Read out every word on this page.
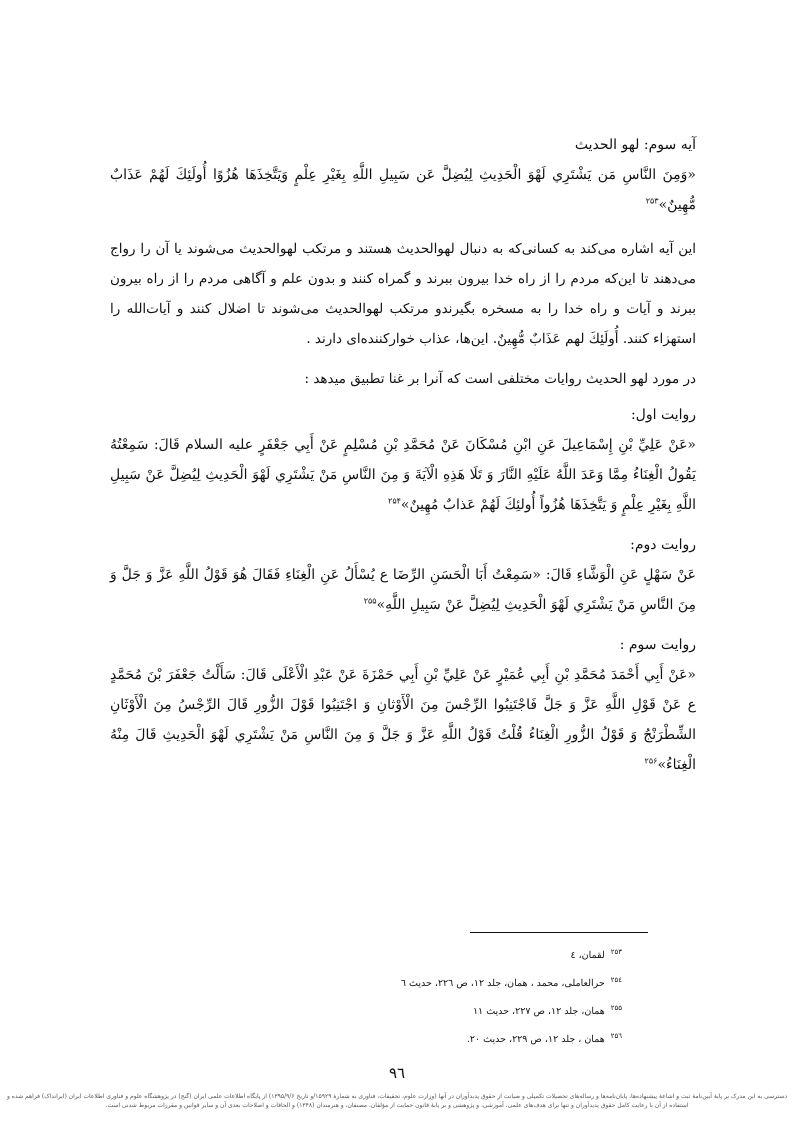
آیه سوم: لهو الحدیث

«وَمِنَ النَّاسِ مَن يَشْتَرِي لَهْوَ الْحَدِيثِ لِيُضِلَّ عَن سَبِيلِ اللَّهِ بِغَيْرِ عِلْمٍ وَيَتَّخِذَهَا هُزُوًا أُولَئِكَ لَهُمْ عَذَابٌ مُّهِينٌ»$^{۲۵۳}$

این آیه اشاره می‌کند به کسانی‌که به دنبال لهوالحدیث هستند و مرتکب لهوالحدیث می‌شوند یا آن را رواج می‌دهند تا این‌که مردم را از راه خدا بیرون ببرند و گمراه کنند و بدون علم و آگاهی مردم را از راه بیرون ببرند و آیات و راه خدا را به مسخره بگیرندو مرتکب لهوالحدیث می‌شوند تا اضلال کنند و آیات‌الله را استهزاء کنند. أُولَئِكَ لهم عَذَابٌ مُّهِينٌ. این‌ها، عذاب خوارکننده‌ای دارند .

در مورد لهو الحدیث روایات مختلفی است که آنرا بر غنا تطبیق میدهد :

روایت اول:

«عَنْ عَلِيِّ بْنِ إِسْمَاعِيلَ عَنِ ابْنِ مُسْكَانَ عَنْ مُحَمَّدِ بْنِ مُسْلِمٍ عَنْ أَبِي جَعْفَرٍ عليه السلام قَالَ: سَمِعْتُهُ يَقُولُ الْغِنَاءُ مِمَّا وَعَدَ اللَّهُ عَلَيْهِ النَّارَ وَ تَلَا هَذِهِ الْآيَةَ وَ مِنَ النَّاسِ مَنْ يَشْتَرِي لَهْوَ الْحَدِيثِ لِيُضِلَّ عَنْ سَبِيلِ اللَّهِ بِغَيْرِ عِلْمٍ وَ يَتَّخِذَهَا هُزُواً أُولئِكَ لَهُمْ عَذابٌ مُهِينٌ»$^{۲۵۴}$

روایت دوم:

عَنْ سَهْلٍ عَنِ الْوَشَّاءِ قَالَ: «سَمِعْتُ أَبَا الْحَسَنِ الرِّضَا ع يُسْأَلُ عَنِ الْغِنَاءِ فَقَالَ هُوَ قَوْلُ اللَّهِ عَزَّ وَ جَلَّ وَ مِنَ النَّاسِ مَنْ يَشْتَرِي لَهْوَ الْحَدِيثِ لِيُضِلَّ عَنْ سَبِيلِ اللَّهِ»$^{۲۵۵}$

روایت سوم :

«عَنْ أَبِي أَحْمَدَ مُحَمَّدِ بْنِ أَبِي عُمَيْرٍ عَنْ عَلِيِّ بْنِ أَبِي حَمْزَةَ عَنْ عَبْدِ الْأَعْلَى قَالَ: سَأَلْتُ جَعْفَرَ بْنَ مُحَمَّدٍ ع عَنْ قَوْلِ اللَّهِ عَزَّ وَ جَلَّ فَاجْتَنِبُوا الرِّجْسَ مِنَ الْأَوْثانِ وَ اجْتَنِبُوا قَوْلَ الزُّورِ قَالَ الرِّجْسُ مِنَ الْأَوْثَانِ الشِّطْرَنْجُ وَ قَوْلُ الزُّورِ الْغِنَاءُ قُلْتُ قَوْلُ اللَّهِ عَزَّ وَ جَلَّ وَ مِنَ النَّاسِ مَنْ يَشْتَرِي لَهْوَ الْحَدِيثِ قَالَ مِنْهُ الْغِنَاءُ»$^{۲۵۶}$

$^{۲۵۳}$لقمان، ٤
$^{۲۵٤}$حرالعاملی، محمد ، همان، جلد ١٢، ص ٢٢٦، حدیث ٦
$^{۲۵۵}$همان، جلد ١٢، ص ٢٢٧، حدیث ١١
$^{۲۵٦}$همان ، جلد ١٢، ص ٢٢٩، حدیث ٢٠.
٩٦
دسترسی به این مدرک بر پایهٔ آیین‌نامهٔ ثبت و اشاعهٔ پیشنهاده‌ها، پایان‌نامه‌ها و رساله‌های تحصیلات تکمیلی و صیانت از حقوق پدیدآوران در آنها (وزارت علوم، تحقیقات، فناوری به شمارهٔ ۱۵۹۲۹/و تاریخ ۱۳۹۵/۹/۶) از پایگاه اطلاعات علمی ایران (گنج) در پژوهشگاه علوم و فناوری اطلاعات ایران (ایرانداک) فراهم شده و استفاده از آن با رعایت کامل حقوق پدیدآوران و تنها برای هدف‌های علمی، آموزشی، و پژوهشی و بر پایهٔ قانون حمایت از مؤلفان، مصنفان، و هنرمندان (۱۳۴۸) و الحاقات و اصلاحات بعدی آن و سایر قوانین و مقررات مربوط شدنی است.
